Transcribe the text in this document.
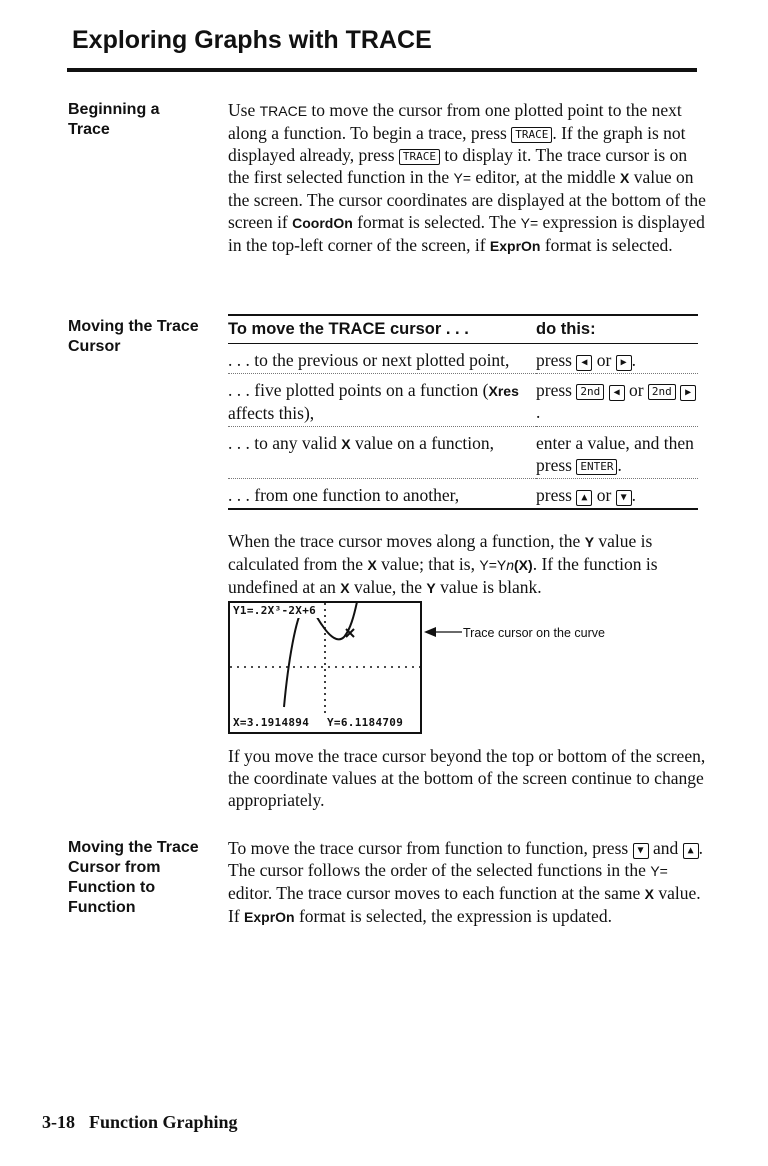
Exploring Graphs with TRACE
Beginning a
Trace

Use TRACE to move the cursor from one plotted point to the next along a function. To begin a trace, press TRACE . If the graph is not displayed already, press TRACE to display it. The trace cursor is on the first selected function in the Y= editor, at the middle X value on the screen. The cursor coordinates are displayed at the bottom of the screen if CoordOn format is selected. The Y= expression is displayed in the top-left corner of the screen, if ExprOn format is selected.

Moving the Trace
Cursor
To move the TRACE cursor . . .	do this:
. . . to the previous or next plotted point,	press ◀ or ▶ .
. . . five plotted points on a function (Xres affects this),	press 2nd ◀ or 2nd ▶.
. . . to any valid X value on a function,	enter a value, and then press ENTER .
. . . from one function to another,	press ▲ or ▼ .

When the trace cursor moves along a function, the Y value is calculated from the X value; that is, Y=Yn(X). If the function is undefined at an X value, the Y value is blank.

Y1=.2X³-2X+6
X=3.1914894 Y=6.1184709
Trace cursor on the curve

If you move the trace cursor beyond the top or bottom of the screen, the coordinate values at the bottom of the screen continue to change appropriately.

Moving the Trace
Cursor from
Function to
Function

To move the trace cursor from function to function, press ▼ and ▲ . The cursor follows the order of the selected functions in the Y= editor. The trace cursor moves to each function at the same X value. If ExprOn format is selected, the expression is updated.

3-18 Function Graphing
